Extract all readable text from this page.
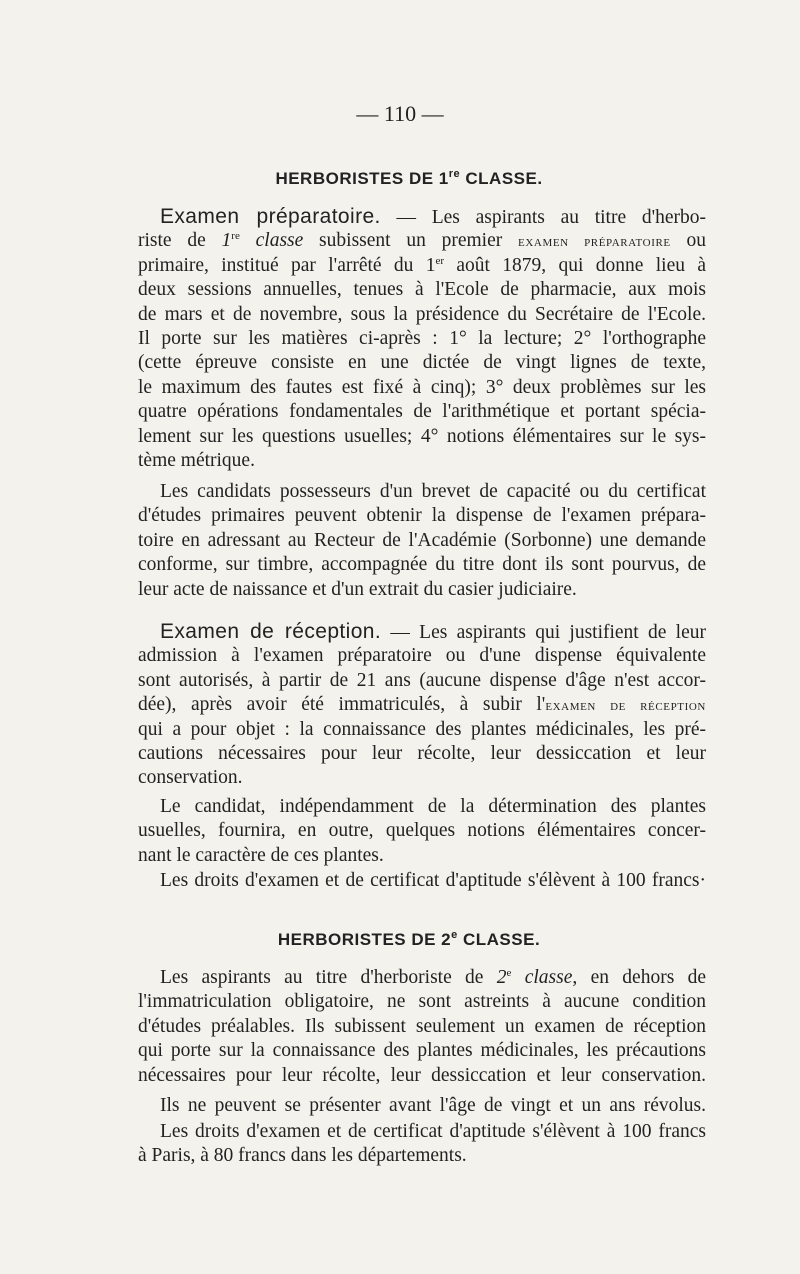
— 110 —
HERBORISTES DE 1re CLASSE.
Examen préparatoire. — Les aspirants au titre d'herbo-
riste de 1re classe subissent un premier examen préparatoire ou
primaire, institué par l'arrêté du 1er août 1879, qui donne lieu à
deux sessions annuelles, tenues à l'Ecole de pharmacie, aux mois
de mars et de novembre, sous la présidence du Secrétaire de l'Ecole.
Il porte sur les matières ci-après : 1° la lecture; 2° l'orthographe
(cette épreuve consiste en une dictée de vingt lignes de texte,
le maximum des fautes est fixé à cinq); 3° deux problèmes sur les
quatre opérations fondamentales de l'arithmétique et portant spécia-
lement sur les questions usuelles; 4° notions élémentaires sur le sys-
tème métrique.
Les candidats possesseurs d'un brevet de capacité ou du certificat
d'études primaires peuvent obtenir la dispense de l'examen prépara-
toire en adressant au Recteur de l'Académie (Sorbonne) une demande
conforme, sur timbre, accompagnée du titre dont ils sont pourvus, de
leur acte de naissance et d'un extrait du casier judiciaire.
Examen de réception. — Les aspirants qui justifient de leur
admission à l'examen préparatoire ou d'une dispense équivalente
sont autorisés, à partir de 21 ans (aucune dispense d'âge n'est accor-
dée), après avoir été immatriculés, à subir l'examen de réception
qui a pour objet : la connaissance des plantes médicinales, les pré-
cautions nécessaires pour leur récolte, leur dessiccation et leur
conservation.
Le candidat, indépendamment de la détermination des plantes
usuelles, fournira, en outre, quelques notions élémentaires concer-
nant le caractère de ces plantes.
Les droits d'examen et de certificat d'aptitude s'élèvent à 100 francs·
HERBORISTES DE 2e CLASSE.
Les aspirants au titre d'herboriste de 2e classe, en dehors de
l'immatriculation obligatoire, ne sont astreints à aucune condition
d'études préalables. Ils subissent seulement un examen de réception
qui porte sur la connaissance des plantes médicinales, les précautions
nécessaires pour leur récolte, leur dessiccation et leur conservation.
Ils ne peuvent se présenter avant l'âge de vingt et un ans révolus.
Les droits d'examen et de certificat d'aptitude s'élèvent à 100 francs
à Paris, à 80 francs dans les départements.
